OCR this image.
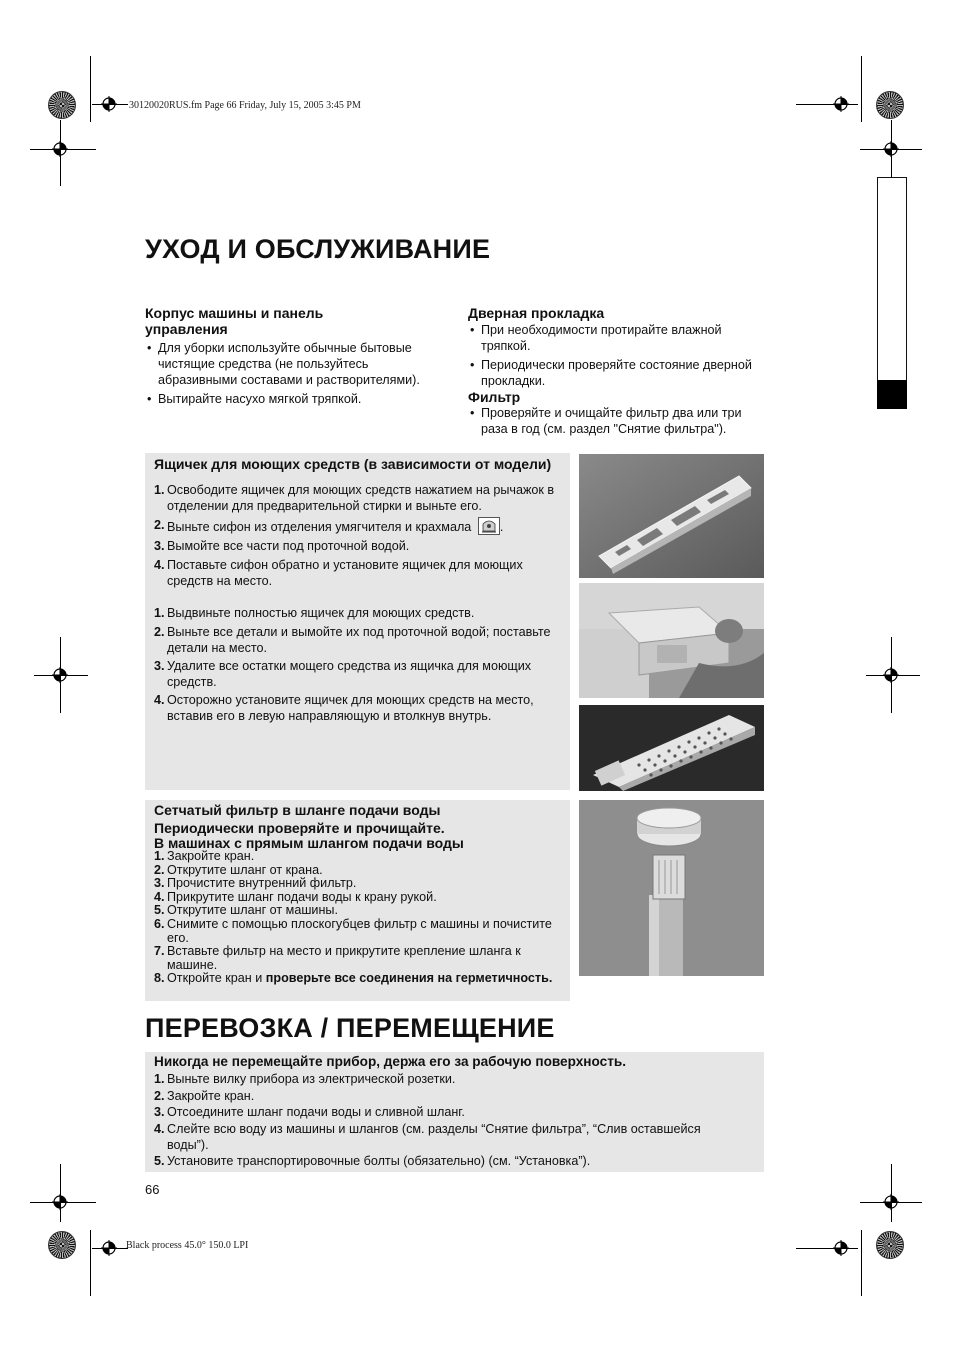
30120020RUS.fm Page 66 Friday, July 15, 2005 3:45 PM
Black process 45.0° 150.0 LPI
УХОД И ОБСЛУЖИВАНИЕ
Корпус машины и панель управления
• Для уборки используйте обычные бытовые чистящие средства (не пользуйтесь абразивными составами и растворителями).
• Вытирайте насухо мягкой тряпкой.
Дверная прокладка
• При необходимости протирайте влажной тряпкой.
• Периодически проверяйте состояние дверной прокладки.
Фильтр
• Проверяйте и очищайте фильтр два или три раза в год (см. раздел "Снятие фильтра").
Ящичек для моющих средств (в зависимости от модели)
1. Освободите ящичек для моющих средств нажатием на рычажок в отделении для предварительной стирки и выньте его.
2. Выньте сифон из отделения умягчителя и крахмала .
3. Вымойте все части под проточной водой.
4. Поставьте сифон обратно и установите ящичек для моющих средств на место.
1. Выдвиньте полностью ящичек для моющих средств.
2. Выньте все детали и вымойте их под проточной водой; поставьте детали на место.
3. Удалите все остатки мощего средства из ящичка для моющих средств.
4. Осторожно установите ящичек для моющих средств на место, вставив его в левую направляющую и втолкнув внутрь.
Сетчатый фильтр в шланге подачи воды
Периодически проверяйте и прочищайте.
В машинах с прямым шлангом подачи воды
1. Закройте кран.
2. Открутите шланг от крана.
3. Прочистите внутренний фильтр.
4. Прикрутите шланг подачи воды к крану рукой.
5. Открутите шланг от машины.
6. Снимите с помощью плоскогубцев фильтр с машины и почистите его.
7. Вставьте фильтр на место и прикрутите крепление шланга к машине.
8. Откройте кран и проверьте все соединения на герметичность.
ПЕРЕВОЗКА / ПЕРЕМЕЩЕНИЕ
Никогда не перемещайте прибор, держа его за рабочую поверхность.
1. Выньте вилку прибора из электрической розетки.
2. Закройте кран.
3. Отсоедините шланг подачи воды и сливной шланг.
4. Слейте всю воду из машины и шлангов (см. разделы “Снятие фильтра”, “Слив оставшейся воды”).
5. Установите транспортировочные болты (обязательно) (см. “Установка”).
66
